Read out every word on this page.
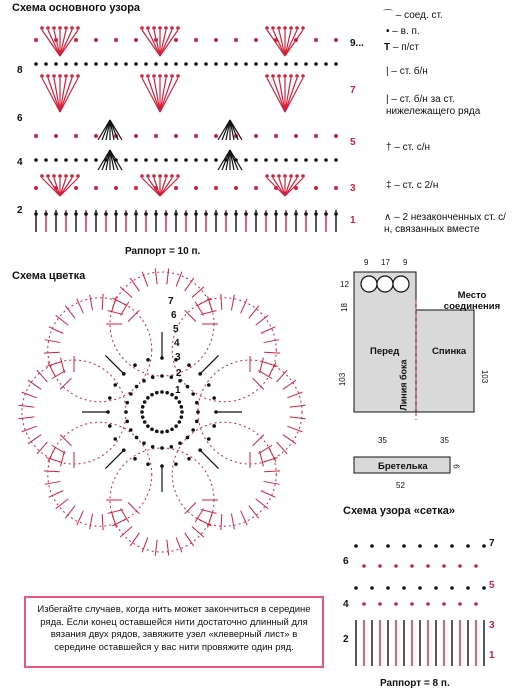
Схема основного узора
8
6
4
2
9...
7
5
3
1
Раппорт = 10 п.
⌒ – соед. ст.
• – в. п.
T – п/ст
| – ст. б/н
| – ст. б/н за ст. нижележащего ряда
† – ст. с/н
‡ – ст. с 2/н
∧ – 2 незаконченных ст. с/н, связанных вместе
Схема цветка
7
6
5
4
3
2
1
9 17 9
12
18
103	103
35	35
Место соединения
Перед	Спинка
Линия бока
Бретелька
52
6
Схема узора «сетка»
6
4
2
7
5
3
1
Раппорт = 8 п.
Избегайте случаев, когда нить может закончиться в середине ряда. Если конец оставшейся нити достаточно длинный для вязания двух рядов, завяжите узел «клеверный лист» в середине оставшейся у вас нити провяжите один ряд.
